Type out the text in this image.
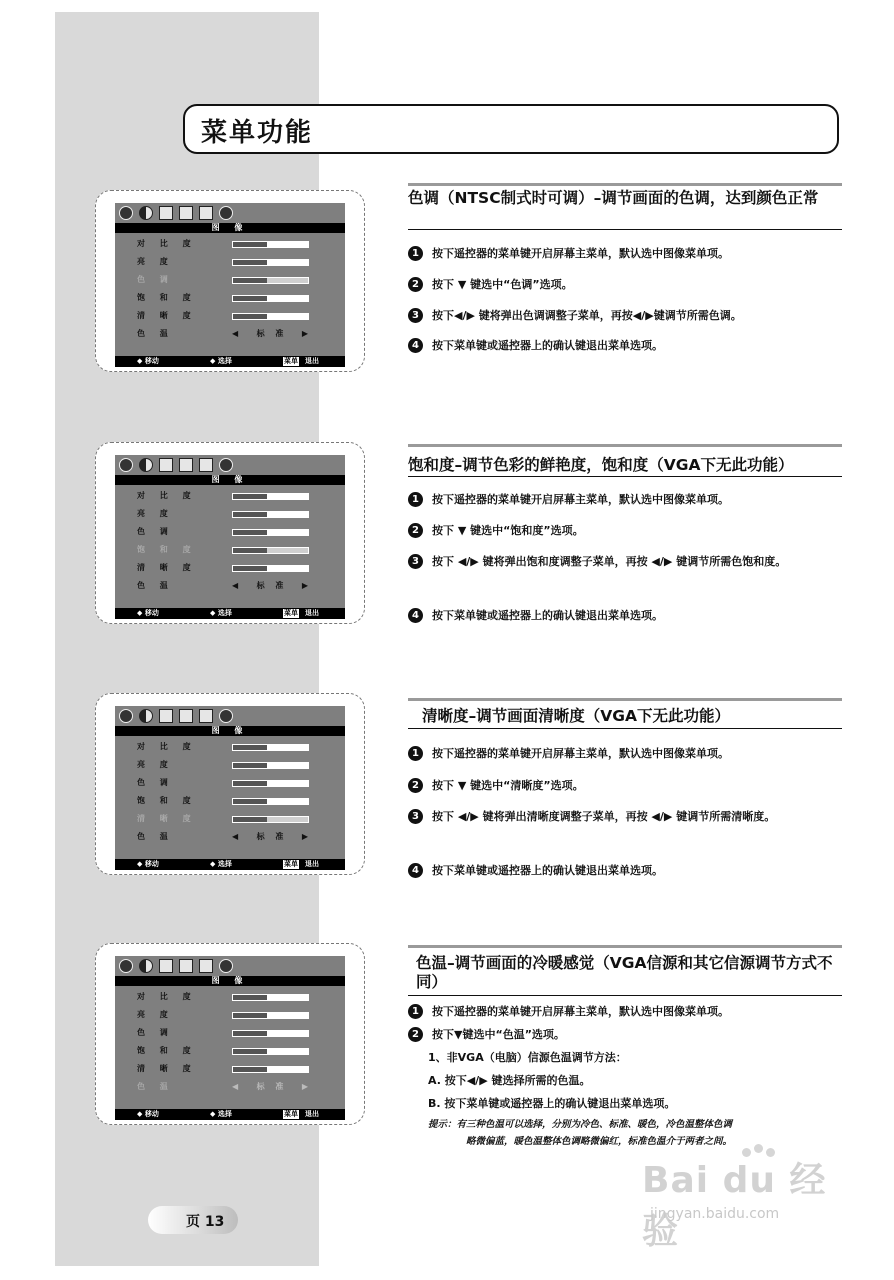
菜单功能
图 像
对 比 度
亮 度
色 调
饱 和 度
清 晰 度
色 温	◀ 标 准 ▶
◆ 移动	◆ 选择	菜单 退出
图 像
对 比 度
亮 度
色 调
饱 和 度
清 晰 度
色 温	◀ 标 准 ▶
◆ 移动	◆ 选择	菜单 退出
图 像
对 比 度
亮 度
色 调
饱 和 度
清 晰 度
色 温	◀ 标 准 ▶
◆ 移动	◆ 选择	菜单 退出
图 像
对 比 度
亮 度
色 调
饱 和 度
清 晰 度
色 温	◀ 标 准 ▶
◆ 移动	◆ 选择	菜单 退出
色调（NTSC制式时可调）–调节画面的色调，达到颜色正常
1	按下遥控器的菜单键开启屏幕主菜单，默认选中图像菜单项。
2	按下 ▼ 键选中“色调”选项。
3	按下◀/▶ 键将弹出色调调整子菜单，再按◀/▶键调节所需色调。
4	按下菜单键或遥控器上的确认键退出菜单选项。
饱和度–调节色彩的鲜艳度，饱和度（VGA下无此功能）
1	按下遥控器的菜单键开启屏幕主菜单，默认选中图像菜单项。
2	按下 ▼ 键选中“饱和度”选项。
3	按下 ◀/▶ 键将弹出饱和度调整子菜单，再按 ◀/▶ 键调节所需色饱和度。
4	按下菜单键或遥控器上的确认键退出菜单选项。
清晰度–调节画面清晰度（VGA下无此功能）
1	按下遥控器的菜单键开启屏幕主菜单，默认选中图像菜单项。
2	按下 ▼ 键选中“清晰度”选项。
3	按下 ◀/▶ 键将弹出清晰度调整子菜单，再按 ◀/▶ 键调节所需清晰度。
4	按下菜单键或遥控器上的确认键退出菜单选项。
色温–调节画面的冷暖感觉（VGA信源和其它信源调节方式不同）
1	按下遥控器的菜单键开启屏幕主菜单，默认选中图像菜单项。
2	按下▼键选中“色温”选项。
1、非VGA（电脑）信源色温调节方法：
A. 按下◀/▶ 键选择所需的色温。
B. 按下菜单键或遥控器上的确认键退出菜单选项。
提示：有三种色温可以选择，分别为冷色、标准、暖色，冷色温整体色调
略微偏蓝，暖色温整体色调略微偏红，标准色温介于两者之间。
页 13
Bai du 经验
jingyan.baidu.com
